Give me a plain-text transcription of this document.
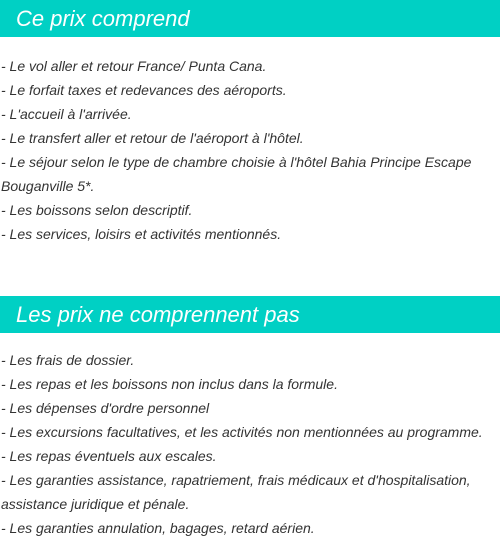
Ce prix comprend
- Le vol aller et retour France/ Punta Cana.
- Le forfait taxes et redevances des aéroports.
- L'accueil à l'arrivée.
- Le transfert aller et retour de l'aéroport à l'hôtel.
- Le séjour selon le type de chambre choisie à l'hôtel Bahia Principe Escape Bouganville 5*.
- Les boissons selon descriptif.
- Les services, loisirs et activités mentionnés.
Les prix ne comprennent pas
- Les frais de dossier.
- Les repas et les boissons non inclus dans la formule.
- Les dépenses d'ordre personnel
- Les excursions facultatives, et les activités non mentionnées au programme.
- Les repas éventuels aux escales.
- Les garanties assistance, rapatriement, frais médicaux et d'hospitalisation, assistance juridique et pénale.
- Les garanties annulation, bagages, retard aérien.
